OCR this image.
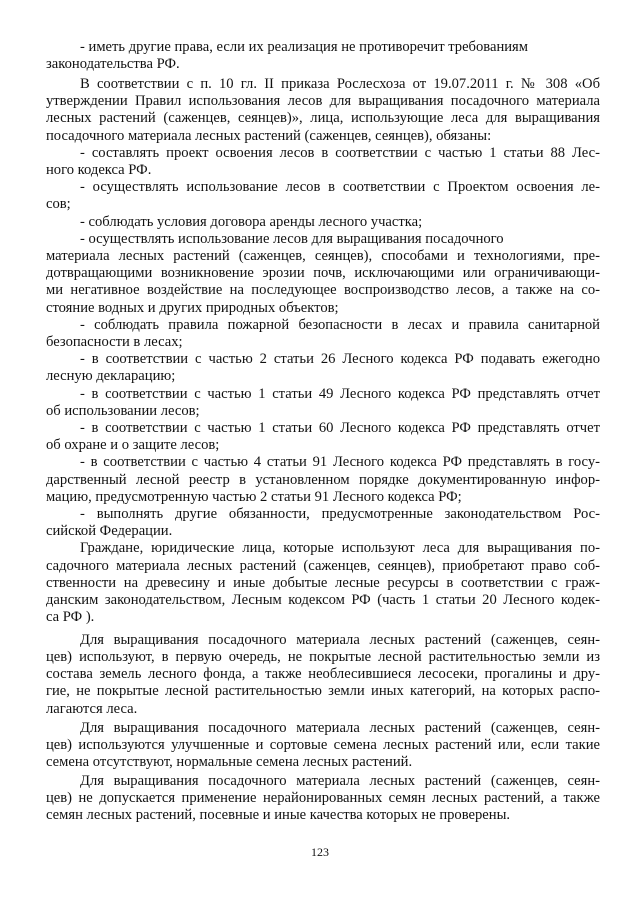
- иметь другие права, если их реализация не противоречит требованиям
законодательства РФ.
В соответствии с п. 10 гл. II приказа Рослесхоза от 19.07.2011 г. № 308 «Об
утверждении Правил использования лесов для выращивания посадочного материала
лесных растений (саженцев, сеянцев)», лица, использующие леса для выращивания
посадочного материала лесных растений (саженцев, сеянцев), обязаны:
- составлять проект освоения лесов в соответствии с частью 1 статьи 88 Лес-
ного кодекса РФ.
- осуществлять использование лесов в соответствии с Проектом освоения ле-
сов;
- соблюдать условия договора аренды лесного участка;
- осуществлять использование лесов для выращивания посадочного
материала лесных растений (саженцев, сеянцев), способами и технологиями, пре-
дотвращающими возникновение эрозии почв, исключающими или ограничивающи-
ми негативное воздействие на последующее воспроизводство лесов, а также на со-
стояние водных и других природных объектов;
- соблюдать правила пожарной безопасности в лесах и правила санитарной
безопасности в лесах;
- в соответствии с частью 2 статьи 26 Лесного кодекса РФ подавать ежегодно
лесную декларацию;
- в соответствии с частью 1 статьи 49 Лесного кодекса РФ представлять отчет
об использовании лесов;
- в соответствии с частью 1 статьи 60 Лесного кодекса РФ представлять отчет
об охране и о защите лесов;
- в соответствии с частью 4 статьи 91 Лесного кодекса РФ представлять в госу-
дарственный лесной реестр в установленном порядке документированную инфор-
мацию, предусмотренную частью 2 статьи 91 Лесного кодекса РФ;
- выполнять другие обязанности, предусмотренные законодательством Рос-
сийской Федерации.
Граждане, юридические лица, которые используют леса для выращивания по-
садочного материала лесных растений (саженцев, сеянцев), приобретают право соб-
ственности на древесину и иные добытые лесные ресурсы в соответствии с граж-
данским законодательством, Лесным кодексом РФ (часть 1 статьи 20 Лесного кодек-
са РФ ).
Для выращивания посадочного материала лесных растений (саженцев, сеян-
цев) используют, в первую очередь, не покрытые лесной растительностью земли из
состава земель лесного фонда, а также необлесившиеся лесосеки, прогалины и дру-
гие, не покрытые лесной растительностью земли иных категорий, на которых распо-
лагаются леса.
Для выращивания посадочного материала лесных растений (саженцев, сеян-
цев) используются улучшенные и сортовые семена лесных растений или, если такие
семена отсутствуют, нормальные семена лесных растений.
Для выращивания посадочного материала лесных растений (саженцев, сеян-
цев) не допускается применение нерайонированных семян лесных растений, а также
семян лесных растений, посевные и иные качества которых не проверены.
123
